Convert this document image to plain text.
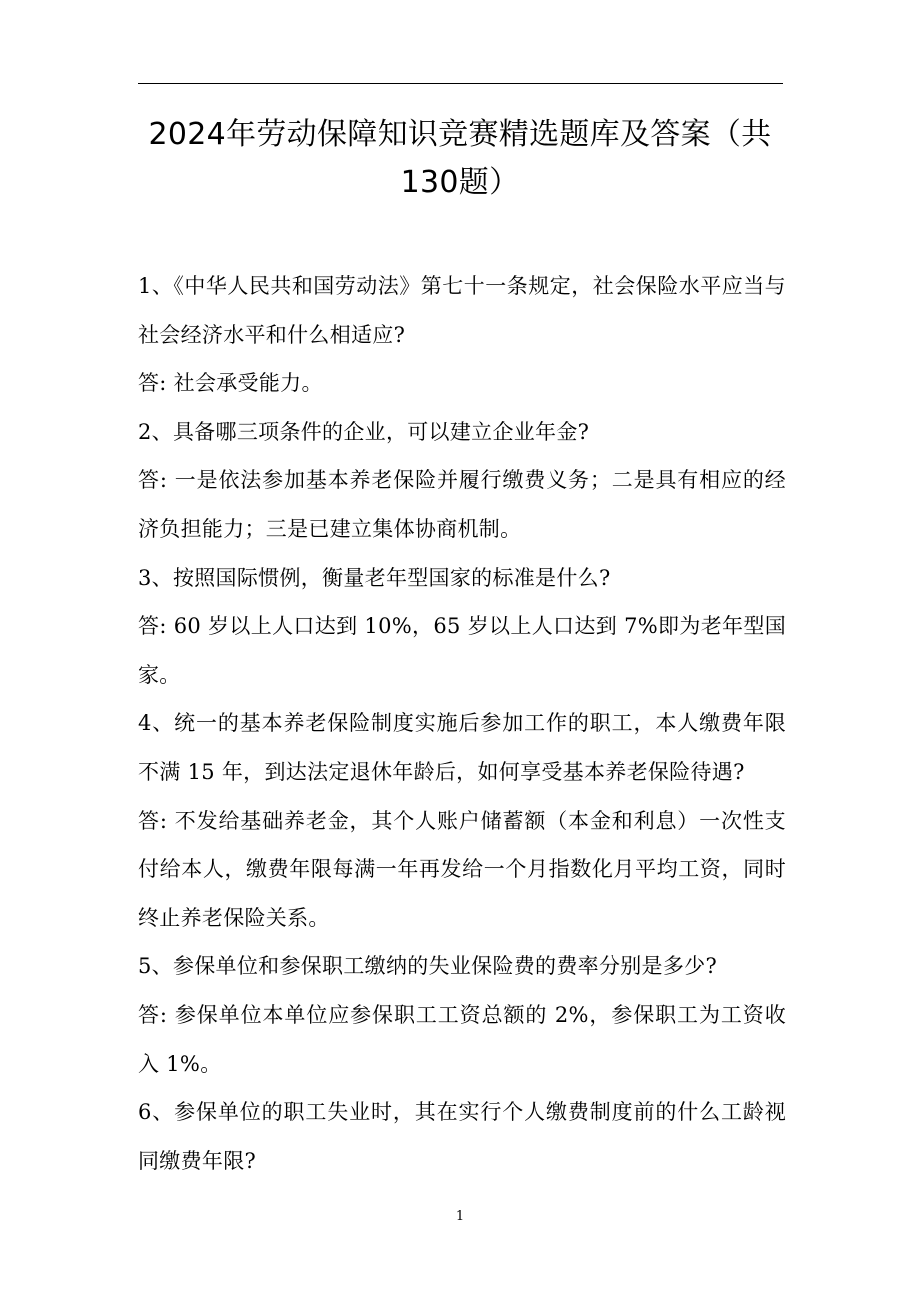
2024年劳动保障知识竞赛精选题库及答案（共130题）

1、《中华人民共和国劳动法》第七十一条规定，社会保险水平应当与社会经济水平和什么相适应?

答: 社会承受能力。

2、具备哪三项条件的企业，可以建立企业年金?

答: 一是依法参加基本养老保险并履行缴费义务；二是具有相应的经济负担能力；三是已建立集体协商机制。

3、按照国际惯例，衡量老年型国家的标准是什么?

答: 60 岁以上人口达到 10%，65 岁以上人口达到 7%即为老年型国家。

4、统一的基本养老保险制度实施后参加工作的职工，本人缴费年限不满 15 年，到达法定退休年龄后，如何享受基本养老保险待遇?

答: 不发给基础养老金，其个人账户储蓄额（本金和利息）一次性支付给本人，缴费年限每满一年再发给一个月指数化月平均工资，同时终止养老保险关系。

5、参保单位和参保职工缴纳的失业保险费的费率分别是多少?

答: 参保单位本单位应参保职工工资总额的 2%，参保职工为工资收入 1%。

6、参保单位的职工失业时，其在实行个人缴费制度前的什么工龄视同缴费年限?

1
